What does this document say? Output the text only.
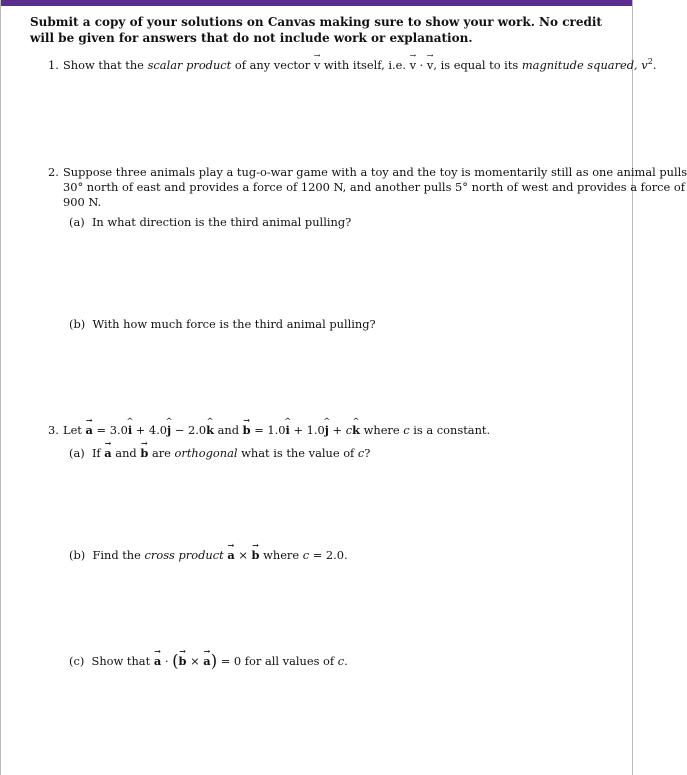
Submit a copy of your solutions on Canvas making sure to show your work. No credit will be given for answers that do not include work or explanation.
1. Show that the scalar product of any vector v → with itself, i.e. v → · v →, is equal to its magnitude squared, $v^2$.
2. Suppose three animals play a tug-o-war game with a toy and the toy is momentarily still as one animal pulls
30° north of east and provides a force of 1200 N, and another pulls 5° north of west and provides a force of
900 N.
(a) In what direction is the third animal pulling?
(b) With how much force is the third animal pulling?
3. Let a → = 3.0i ^ + 4.0j ^ − 2.0k ^ and b → = 1.0i ^ + 1.0j ^ + ck ^ where c is a constant.
(a) If a → and b → are orthogonal what is the value of c?
(b) Find the cross product a → × b → where c = 2.0.
(c) Show that a → · (b → × a →) = 0 for all values of c.
